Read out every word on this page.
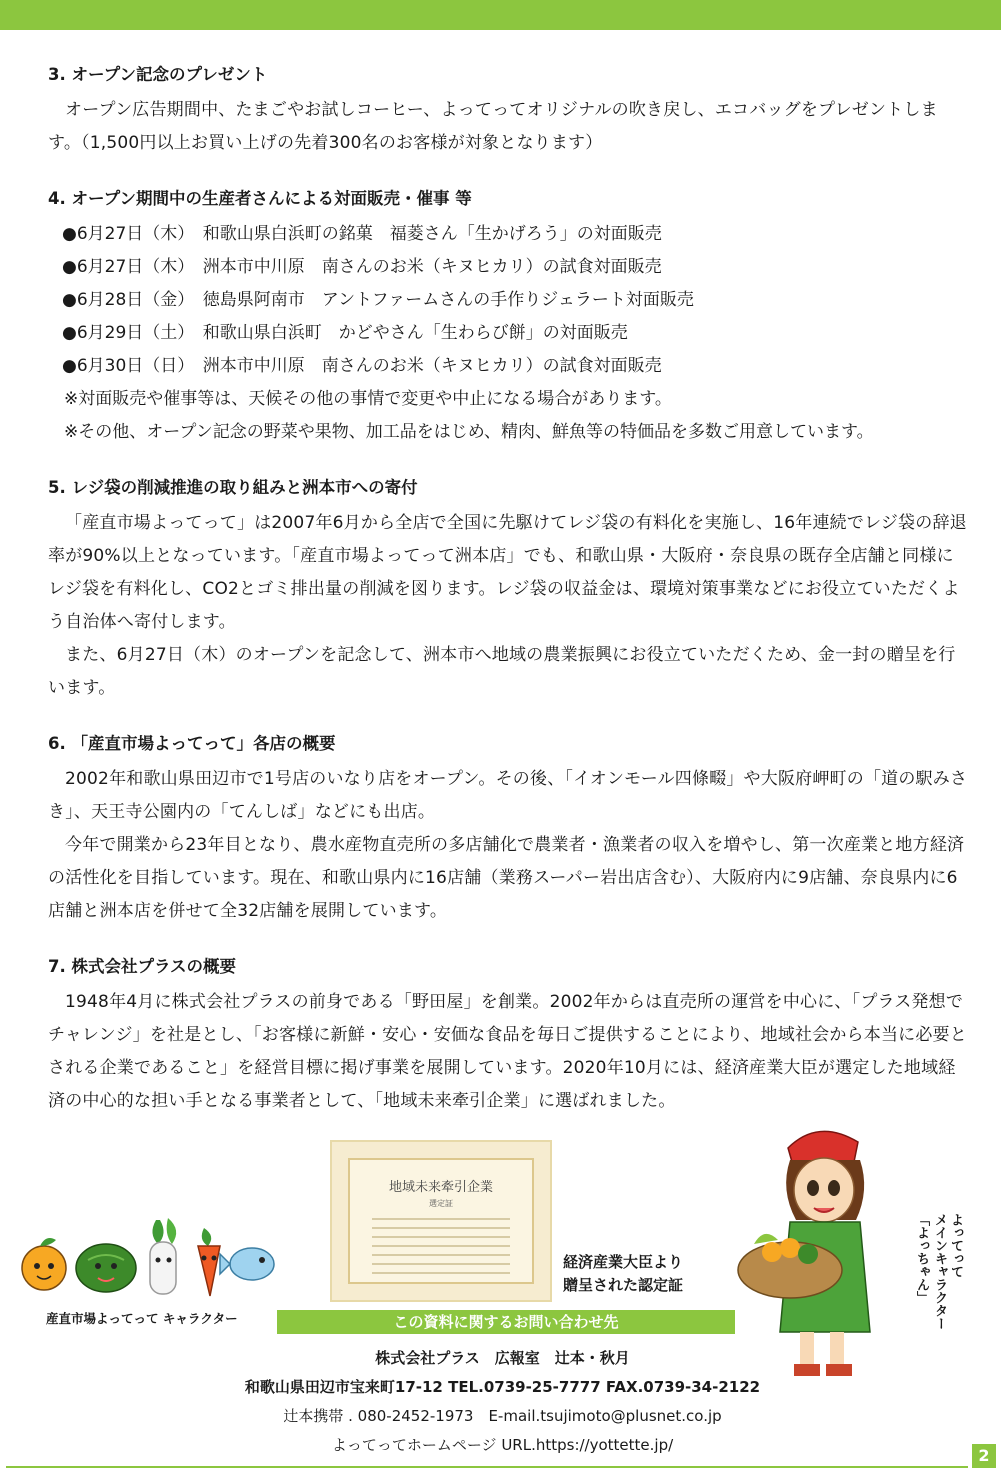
3. オープン記念のプレゼント

オープン広告期間中、たまごやお試しコーヒー、よってってオリジナルの吹き戻し、エコバッグをプレゼントします。（1,500円以上お買い上げの先着300名のお客様が対象となります）

4. オープン期間中の生産者さんによる対面販売・催事 等

●6月27日（木）　和歌山県白浜町の銘菓　福菱さん「生かげろう」の対面販売

●6月27日（木）　洲本市中川原　南さんのお米（キヌヒカリ）の試食対面販売

●6月28日（金）　徳島県阿南市　アントファームさんの手作りジェラート対面販売

●6月29日（土）　和歌山県白浜町　かどやさん「生わらび餅」の対面販売

●6月30日（日）　洲本市中川原　南さんのお米（キヌヒカリ）の試食対面販売

※対面販売や催事等は、天候その他の事情で変更や中止になる場合があります。

※その他、オープン記念の野菜や果物、加工品をはじめ、精肉、鮮魚等の特価品を多数ご用意しています。

5. レジ袋の削減推進の取り組みと洲本市への寄付

「産直市場よってって」は2007年6月から全店で全国に先駆けてレジ袋の有料化を実施し、16年連続でレジ袋の辞退率が90%以上となっています。「産直市場よってって洲本店」でも、和歌山県・大阪府・奈良県の既存全店舗と同様にレジ袋を有料化し、CO2とゴミ排出量の削減を図ります。レジ袋の収益金は、環境対策事業などにお役立ていただくよう自治体へ寄付します。

また、6月27日（木）のオープンを記念して、洲本市へ地域の農業振興にお役立ていただくため、金一封の贈呈を行います。

6. 「産直市場よってって」各店の概要

2002年和歌山県田辺市で1号店のいなり店をオープン。その後、「イオンモール四條畷」や大阪府岬町の「道の駅みさき」、天王寺公園内の「てんしば」などにも出店。

今年で開業から23年目となり、農水産物直売所の多店舗化で農業者・漁業者の収入を増やし、第一次産業と地方経済の活性化を目指しています。現在、和歌山県内に16店舗（業務スーパー岩出店含む）、大阪府内に9店舗、奈良県内に6店舗と洲本店を併せて全32店舗を展開しています。

7. 株式会社プラスの概要

1948年4月に株式会社プラスの前身である「野田屋」を創業。2002年からは直売所の運営を中心に、「プラス発想でチャレンジ」を社是とし、「お客様に新鮮・安心・安価な食品を毎日ご提供することにより、地域社会から本当に必要とされる企業であること」を経営目標に掲げ事業を展開しています。2020年10月には、経済産業大臣が選定した地域経済の中心的な担い手となる事業者として、「地域未来牽引企業」に選ばれました。

産直市場よってって キャラクター
地域未来牽引企業
選定証
経済産業大臣より
贈呈された認定証
この資料に関するお問い合わせ先
株式会社プラス　広報室　辻本・秋月
和歌山県田辺市宝来町17-12 TEL.0739-25-7777 FAX.0739-34-2122
辻本携帯 . 080-2452-1973　E-mail.tsujimoto@plusnet.co.jp
よってってホームページ URL.https://yottette.jp/
よってって
メインキャラクター
「よっちゃん」
2
